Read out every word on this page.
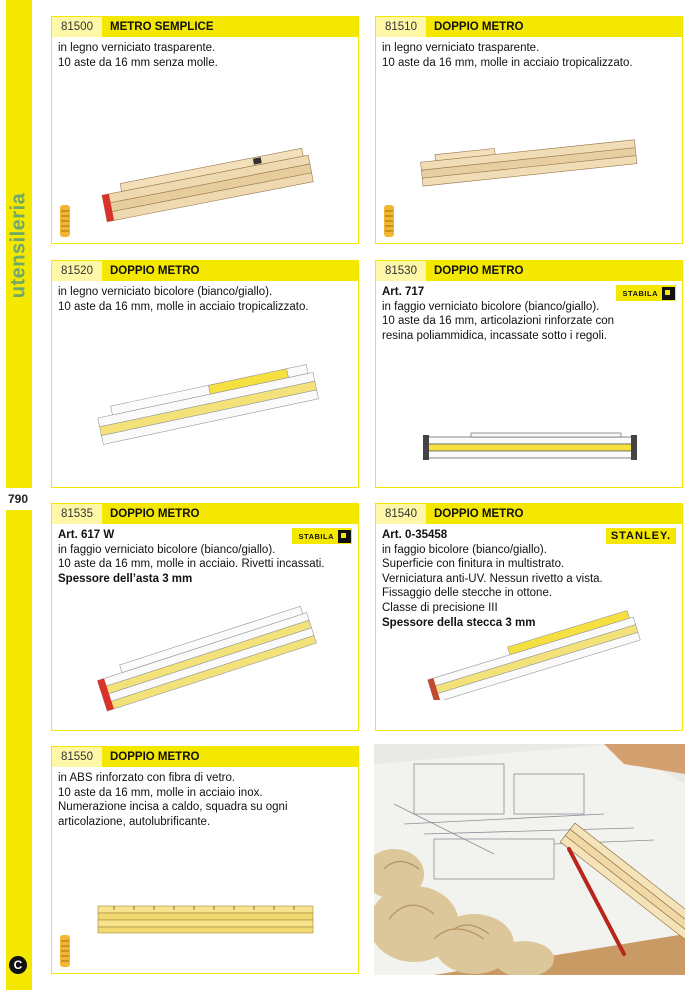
utensileria
790
C
81500	METRO SEMPLICE
in legno verniciato trasparente.
10 aste da 16 mm senza molle.
81510	DOPPIO METRO
in legno verniciato trasparente.
10 aste da 16 mm, molle in acciaio tropicalizzato.
81520	DOPPIO METRO
in legno verniciato bicolore (bianco/giallo).
10 aste da 16 mm, molle in acciaio tropicalizzato.
81530	DOPPIO METRO
STABILA
Art. 717
in faggio verniciato bicolore (bianco/giallo).
10 aste da 16 mm, articolazioni rinforzate con
resina poliammidica, incassate sotto i regoli.
81535	DOPPIO METRO
STABILA
Art. 617 W
in faggio verniciato bicolore (bianco/giallo).
10 aste da 16 mm, molle in acciaio. Rivetti incassati.
Spessore dell’asta 3 mm
81540	DOPPIO METRO
STANLEY.
Art. 0-35458
in faggio bicolore (bianco/giallo).
Superficie con finitura in multistrato.
Verniciatura anti-UV. Nessun rivetto a vista.
Fissaggio delle stecche in ottone.
Classe di precisione III
Spessore della stecca 3 mm
81550	DOPPIO METRO
in ABS rinforzato con fibra di vetro.
10 aste da 16 mm, molle in acciaio inox.
Numerazione incisa a caldo, squadra su ogni
articolazione, autolubrificante.
